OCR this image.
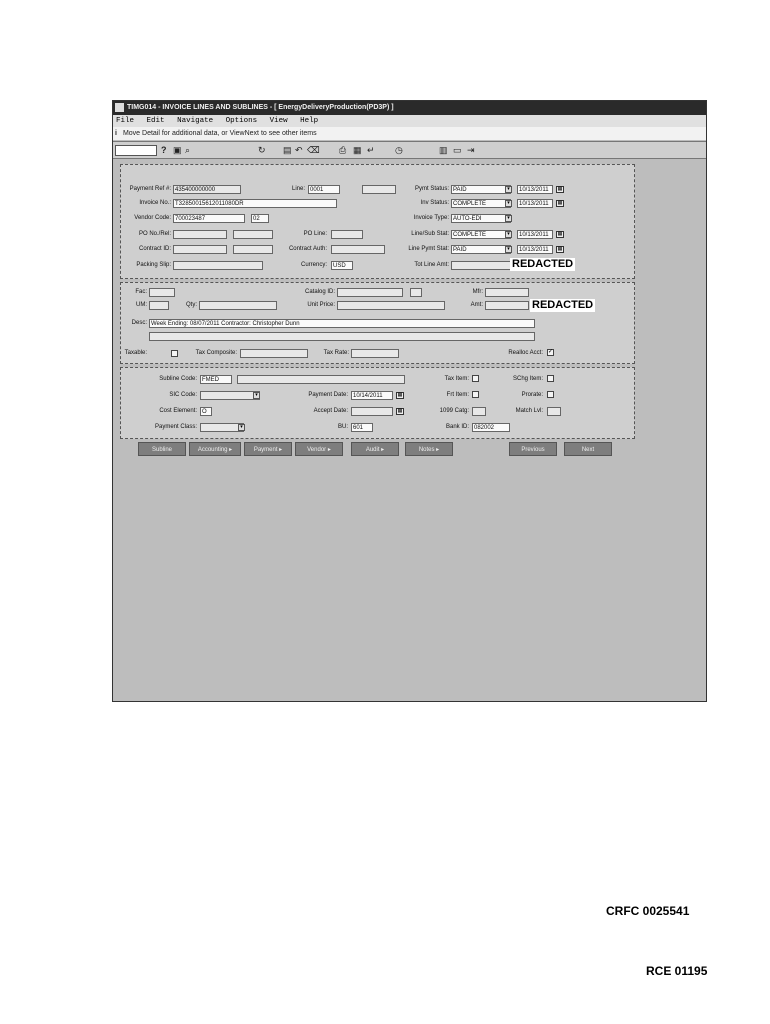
TIMG014 - INVOICE LINES AND SUBLINES - [ EnergyDeliveryProduction(PD3P) ]
File Edit Navigate Options View Help
i Move Detail for additional data, or ViewNext to see other items
? ▣ ⌕	↻ ▤ ↶ ⌫ ⎙ ▦ ↵ ◷	▥ ▭ ⇥
Payment Ref #: 435400000000	Line: 0001	Pymt Status: PAID	▾	10/13/2011	▦
Invoice No.: T32850015612011080DR	Inv Status: COMPLETE	▾	10/13/2011	▦
Vendor Code: 700023487	02	Invoice Type: AUTO-EDI	▾
PO No./Rel:	PO Line:	Line/Sub Stat: COMPLETE	▾	10/13/2011	▦
Contract ID:	Contract Auth:	Line Pymt Stat: PAID	▾	10/13/2011	▦
Packing Slip:	Currency:	USD	Tot Line Amt:	REDACTED
Fac:	Catalog ID:	Mfr:
UM:	Qty:	Unit Price:	Amt:	REDACTED
Desc: Week Ending: 08/07/2011 Contractor: Christopher Dunn
Taxable:	Tax Composite:	Tax Rate:	Realloc Acct: ✓
Subline Code: FMED	Tax Item:	SChg Item:
SIC Code:	▾	Payment Date: 10/14/2011	▦	Frt Item:	Prorate:
Cost Element: O	Accept Date:	▦	1099 Catg:	Match Lvl:
Payment Class:	▾	BU: 601	Bank ID: 082002
Subline	Accounting ▸	Payment ▸	Vendor ▸	Audit ▸	Notes ▸	Previous	Next
CRFC 0025541
RCE 01195
